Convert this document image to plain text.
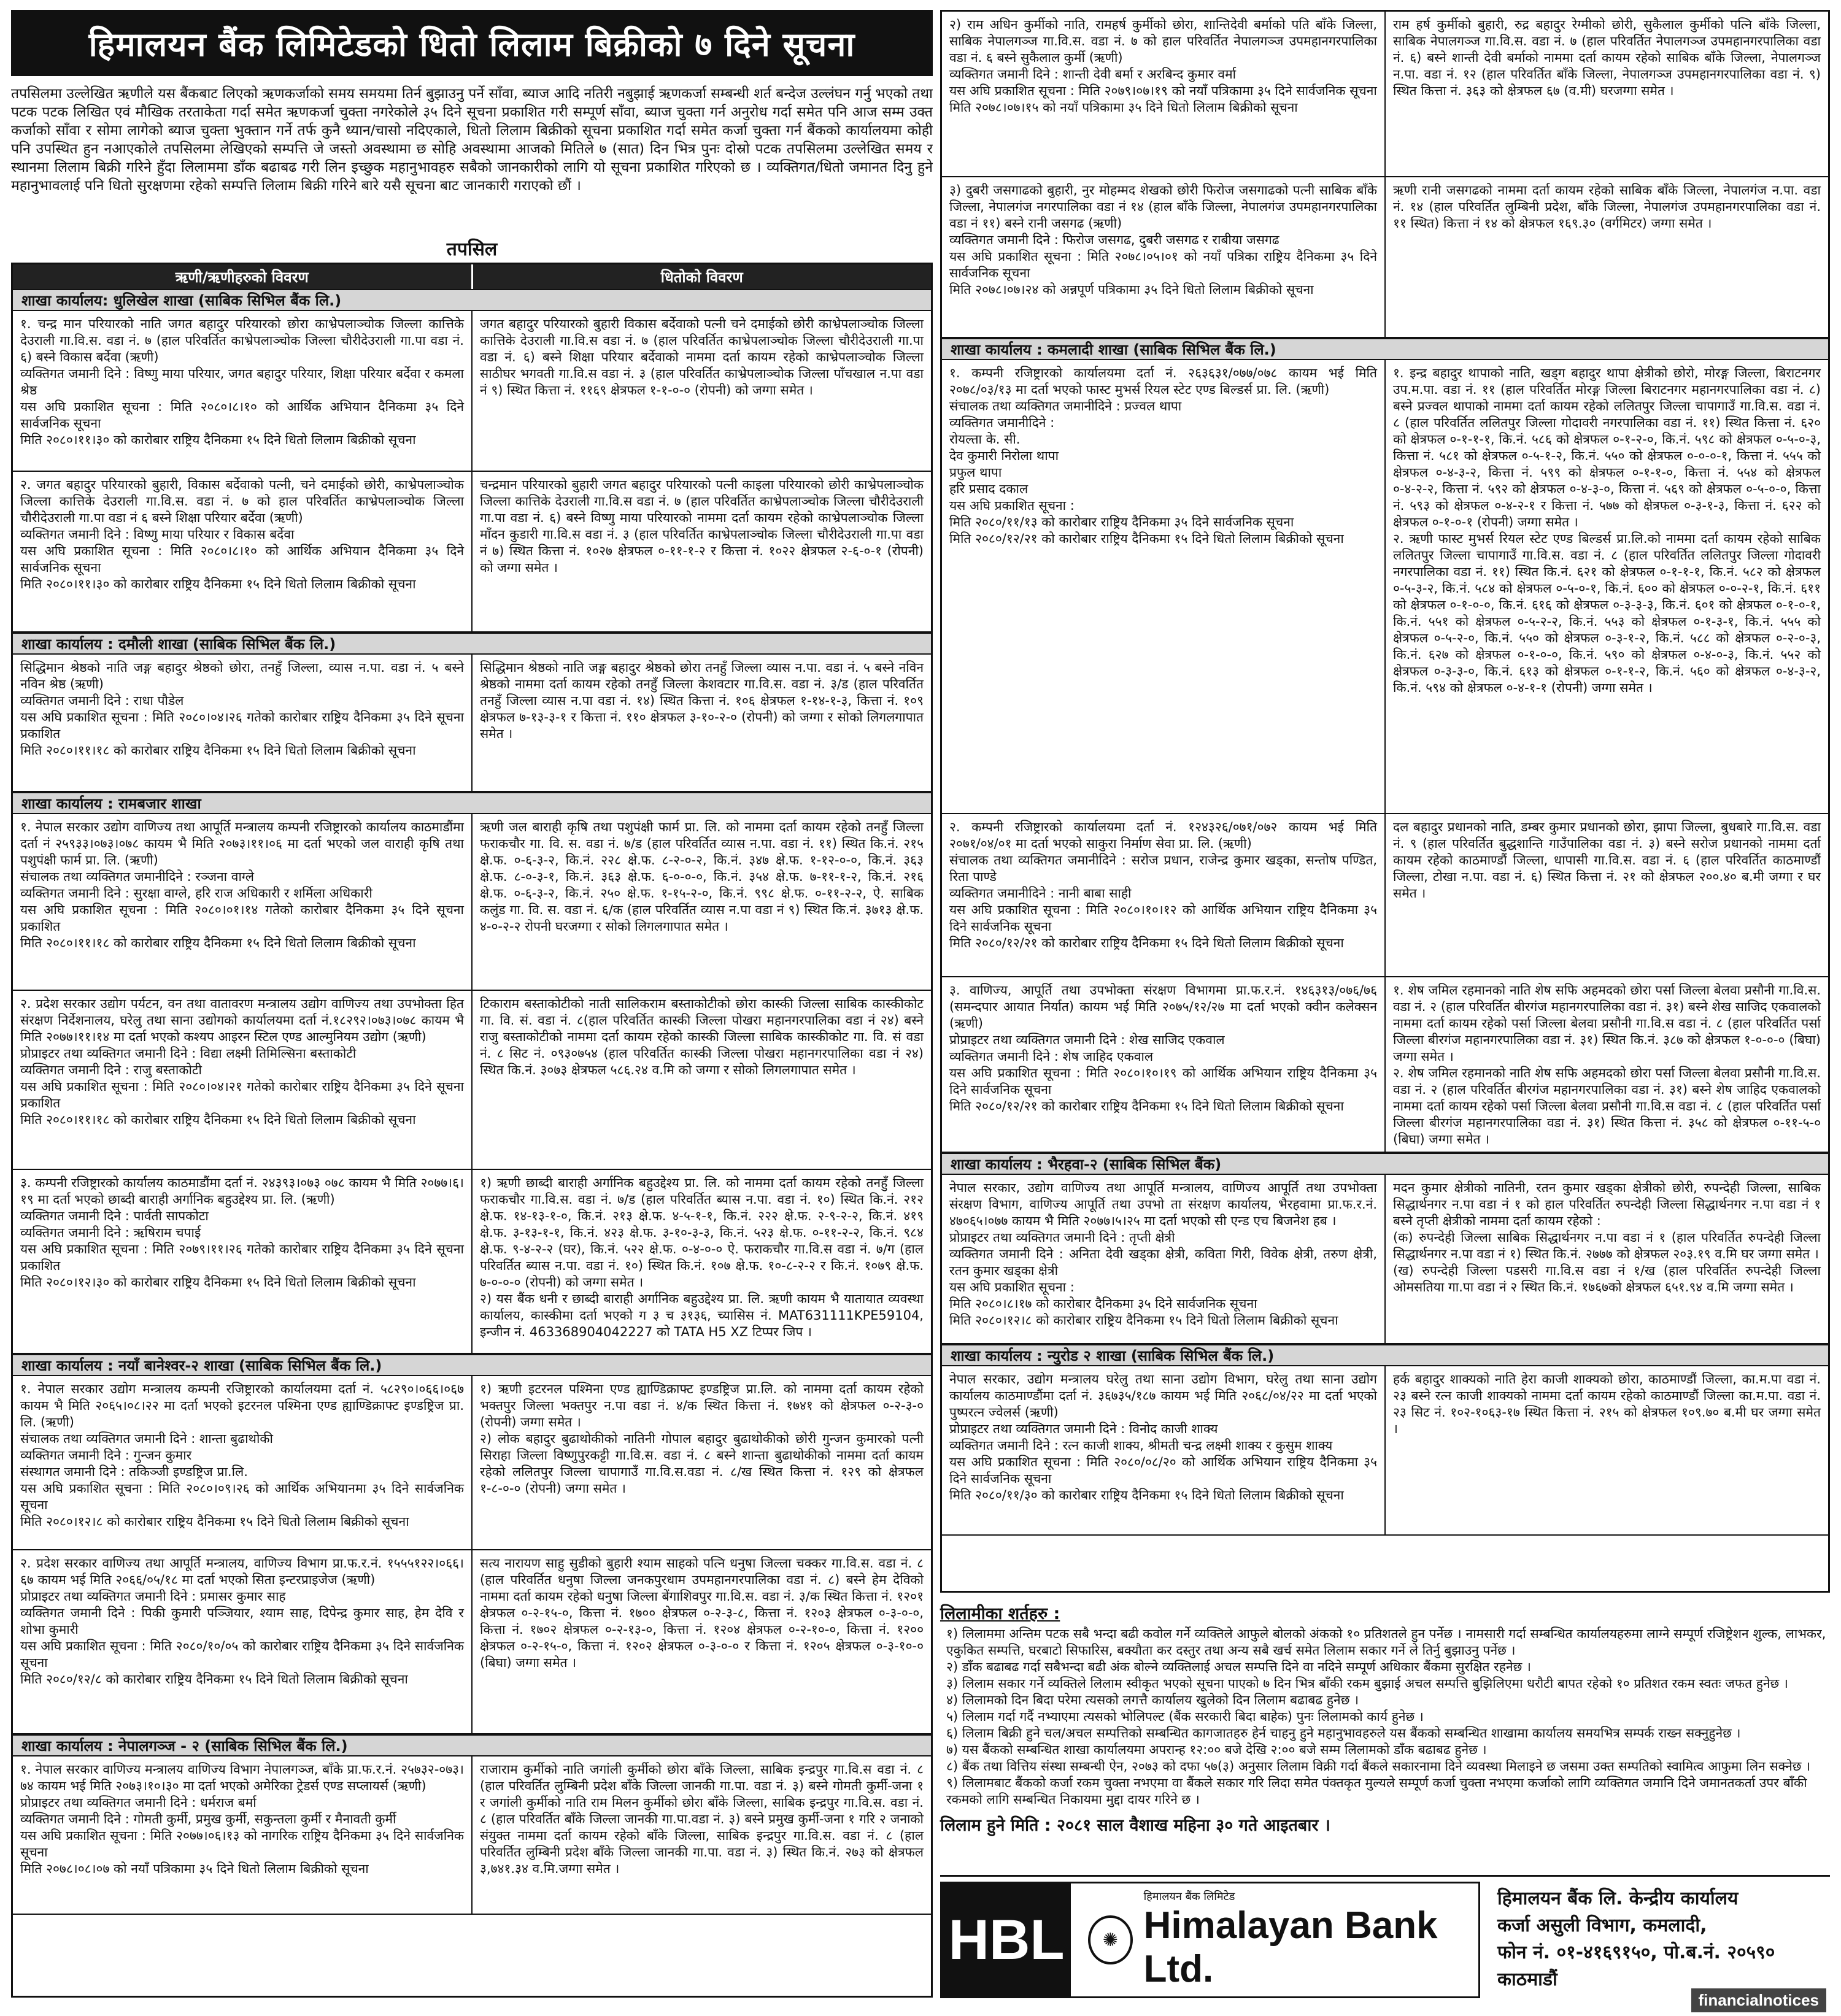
हिमालयन बैंक लिमिटेडको धितो लिलाम बिक्रीको ७ दिने सूचना
तपसिलमा उल्लेखित ऋणीले यस बैंकबाट लिएको ऋणकर्जाको समय समयमा तिर्न बुझाउनु पर्ने साँवा, ब्याज आदि नतिरी नबुझाई ऋणकर्जा सम्बन्धी शर्त बन्देज उल्लंघन गर्नु भएको तथा पटक पटक लिखित एवं मौखिक तरताकेता गर्दा समेत ऋणकर्जा चुक्ता नगरेकोले ३५ दिने सूचना प्रकाशित गरी सम्पूर्ण साँवा, ब्याज चुक्ता गर्न अनुरोध गर्दा समेत पनि आज सम्म उक्त कर्जाको साँवा र सोमा लागेको ब्याज चुक्ता भुक्तान गर्ने तर्फ कुनै ध्यान/चासो नदिएकाले, धितो लिलाम बिक्रीको सूचना प्रकाशित गर्दा समेत कर्जा चुक्ता गर्न बैंकको कार्यालयमा कोही पनि उपस्थित हुन नआएकोले तपसिलमा लेखिएको सम्पत्ति जे जस्तो अवस्थामा छ सोहि अवस्थामा आजको मितिले ७ (सात) दिन भित्र पुनः दोस्रो पटक तपसिलमा उल्लेखित समय र स्थानमा लिलाम बिक्री गरिने हुँदा लिलाममा डाँक बढाबढ गरी लिन इच्छुक महानुभावहरु सबैको जानकारीको लागि यो सूचना प्रकाशित गरिएको छ । व्यक्तिगत/धितो जमानत दिनु हुने महानुभावलाई पनि धितो सुरक्षणमा रहेको सम्पत्ति लिलाम बिक्री गरिने बारे यसै सूचना बाट जानकारी गराएको छौं ।
तपसिल
ऋणी/ऋणीहरुको विवरण	धितोको विवरण
शाखा कार्यालय: धुलिखेल शाखा (साबिक सिभिल बैंक लि.)
१. चन्द्र मान परियारको नाति जगत बहादुर परियारको छोरा काभ्रेपलाञ्चोक जिल्ला कात्तिके देउराली गा.वि.स. वडा नं. ७ (हाल परिवर्तित काभ्रेपलाञ्चोक जिल्ला चौरीदेउराली गा.पा वडा नं. ६) बस्ने विकास बर्देवा (ऋणी)
व्यक्तिगत जमानी दिने : विष्णु माया परियार, जगत बहादुर परियार, शिक्षा परियार बर्देवा र कमला श्रेष्ठ
यस अघि प्रकाशित सूचना : मिति २०८०।८।१० को आर्थिक अभियान दैनिकमा ३५ दिने सार्वजनिक सूचना
मिति २०८०।११।३० को कारोबार राष्ट्रिय दैनिकमा १५ दिने धितो लिलाम बिक्रीको सूचना
जगत बहादुर परियारको बुहारी विकास बर्देवाको पत्नी चने दमाईको छोरी काभ्रेपलाञ्चोक जिल्ला कात्तिके देउराली गा.वि.स वडा नं. ७ (हाल परिवर्तित काभ्रेपलाञ्चोक जिल्ला चौरीदेउराली गा.पा वडा नं. ६) बस्ने शिक्षा परियार बर्देवाको नाममा दर्ता कायम रहेको काभ्रेपलाञ्चोक जिल्ला साठीघर भगवती गा.वि.स वडा नं. ३ (हाल परिवर्तित काभ्रेपलाञ्चोक जिल्ला पाँचखाल न.पा वडा नं ९) स्थित कित्ता नं. ११६९ क्षेत्रफल १-१-०-० (रोपनी) को जग्गा समेत ।
२. जगत बहादुर परियारको बुहारी, विकास बर्देवाको पत्नी, चने दमाईको छोरी, काभ्रेपलाञ्चोक जिल्ला कात्तिके देउराली गा.वि.स. वडा नं. ७ को हाल परिवर्तित काभ्रेपलाञ्चोक जिल्ला चौरीदेउराली गा.पा वडा नं ६ बस्ने शिक्षा परियार बर्देवा (ऋणी)
व्यक्तिगत जमानी दिने : विष्णु माया परियार र विकास बर्देवा
यस अघि प्रकाशित सूचना : मिति २०८०।८।१० को आर्थिक अभियान दैनिकमा ३५ दिने सार्वजनिक सूचना
मिति २०८०।११।३० को कारोबार राष्ट्रिय दैनिकमा १५ दिने धितो लिलाम बिक्रीको सूचना
चन्द्रमान परियारको बुहारी जगत बहादुर परियारको पत्नी काइला परियारको छोरी काभ्रेपलाञ्चोक जिल्ला कात्तिके देउराली गा.वि.स वडा नं. ७ (हाल परिवर्तित काभ्रेपलाञ्चोक जिल्ला चौरीदेउराली गा.पा वडा नं. ६) बस्ने विष्णु माया परियारको नाममा दर्ता कायम रहेको काभ्रेपलाञ्चोक जिल्ला माँदन कुडारी गा.वि.स वडा नं. ३ (हाल परिवर्तित काभ्रेपलाञ्चोक जिल्ला चौरीदेउराली गा.पा वडा नं ७) स्थित कित्ता नं. १०२७ क्षेत्रफल ०-११-१-२ र कित्ता नं. १०२२ क्षेत्रफल २-६-०-१ (रोपनी) को जग्गा समेत ।
शाखा कार्यालय : दमौली शाखा (साबिक सिभिल बैंक लि.)
सिद्धिमान श्रेष्ठको नाति जङ्ग बहादुर श्रेष्ठको छोरा, तनहुँ जिल्ला, व्यास न.पा. वडा नं. ५ बस्ने नविन श्रेष्ठ (ऋणी)
व्यक्तिगत जमानी दिने : राधा पौडेल
यस अघि प्रकाशित सूचना : मिति २०८०।०४।२६ गतेको कारोबार राष्ट्रिय दैनिकमा ३५ दिने सूचना प्रकाशित
मिति २०८०।११।१८ को कारोबार राष्ट्रिय दैनिकमा १५ दिने धितो लिलाम बिक्रीको सूचना
सिद्धिमान श्रेष्ठको नाति जङ्ग बहादुर श्रेष्ठको छोरा तनहुँ जिल्ला व्यास न.पा. वडा नं. ५ बस्ने नविन श्रेष्ठको नाममा दर्ता कायम रहेको तनहुँ जिल्ला केशवटार गा.वि.स. वडा नं. ३/ड (हाल परिवर्तित तनहुँ जिल्ला व्यास न.पा वडा नं. १४) स्थित कित्ता नं. १०६ क्षेत्रफल १-१४-१-३, कित्ता नं. १०९ क्षेत्रफल ७-१३-३-१ र कित्ता नं. ११० क्षेत्रफल ३-१०-२-० (रोपनी) को जग्गा र सोको लिगलगापात समेत ।
शाखा कार्यालय : रामबजार शाखा
१. नेपाल सरकार उद्योग वाणिज्य तथा आपूर्ति मन्त्रालय कम्पनी रजिष्ट्रारको कार्यालय काठमाडौंमा दर्ता नं २५९३३।०७३।०७८ कायम भै मिति २०७३।११।०६ मा दर्ता भएको जल वाराही कृषि तथा पशुपंक्षी फार्म प्रा. लि. (ऋणी)
संचालक तथा व्यक्तिगत जमानीदिने : रञ्जना वाग्ले
व्यक्तिगत जमानी दिने : सुरक्षा वाग्ले, हरि राज अधिकारी र शर्मिला अधिकारी
यस अघि प्रकाशित सूचना : मिति २०८०।०१।१४ गतेको कारोबार दैनिकमा ३५ दिने सूचना प्रकाशित
मिति २०८०।११।१८ को कारोबार राष्ट्रिय दैनिकमा १५ दिने धितो लिलाम बिक्रीको सूचना
ऋणी जल बाराही कृषि तथा पशुपंक्षी फार्म प्रा. लि. को नाममा दर्ता कायम रहेको तनहुँ जिल्ला फराकचौर गा. वि. स. वडा नं. ७/ड (हाल परिवर्तित व्यास न.पा. वडा नं. ११) स्थित कि.नं. २१५ क्षे.फ. ०-६-३-२, कि.नं. २२८ क्षे.फ. ८-२-०-२, कि.नं. ३४७ क्षे.फ. १-१२-०-०, कि.नं. ३६३ क्षे.फ. ८-०-३-१, कि.नं. ३६३ क्षे.फ. ६-०-०-०, कि.नं. ३५४ क्षे.फ. ७-११-१-२, कि.नं. २१६ क्षे.फ. ०-६-३-२, कि.नं. २५० क्षे.फ. १-१५-२-०, कि.नं. ९९८ क्षे.फ. ०-११-२-२, ऐ. साबिक कलुंड गा. वि. स. वडा नं. ६/क (हाल परिवर्तित व्यास न.पा वडा नं ९) स्थित कि.नं. ३७१३ क्षे.फ. ४-०-२-२ रोपनी घरजग्गा र सोको लिगलगापात समेत ।
२. प्रदेश सरकार उद्योग पर्यटन, वन तथा वातावरण मन्त्रालय उद्योग वाणिज्य तथा उपभोक्ता हित संरक्षण निर्देशनालय, घरेलु तथा साना उद्योगको कार्यालयमा दर्ता नं.१८२९२।०७३।०७८ कायम भै मिति २०७७।११।१४ मा दर्ता भएको कश्यप आइरन स्टिल एण्ड आल्मुनियम उद्योग (ऋणी)
प्रोप्राइटर तथा व्यक्तिगत जमानी दिने : विद्या लक्ष्मी तिमिल्सिना बस्ताकोटी
व्यक्तिगत जमानी दिने : राजु बस्ताकोटी
यस अघि प्रकाशित सूचना : मिति २०८०।०४।२१ गतेको कारोबार राष्ट्रिय दैनिकमा ३५ दिने सूचना प्रकाशित
मिति २०८०।११।१८ को कारोबार राष्ट्रिय दैनिकमा १५ दिने धितो लिलाम बिक्रीको सूचना
टिकाराम बस्ताकोटीको नाती सालिकराम बस्ताकोटीको छोरा कास्की जिल्ला साबिक कास्कीकोट गा. वि. सं. वडा नं. ८(हाल परिवर्तित कास्की जिल्ला पोखरा महानगरपालिका वडा नं २४) बस्ने राजु बस्ताकोटीको नाममा दर्ता कायम रहेको कास्की जिल्ला साबिक कास्कीकोट गा. वि. सं वडा नं. ८ सिट नं. ०९३०७५४ (हाल परिवर्तित कास्की जिल्ला पोखरा महानगरपालिका वडा नं २४) स्थित कि.नं. ३०७३ क्षेत्रफल ५८६.२४ व.मि को जग्गा र सोको लिगलगापात समेत ।
३. कम्पनी रजिष्ट्रारको कार्यालय काठमाडौंमा दर्ता नं. २४३९३।०७३ ०७८ कायम भै मिति २०७७।६।१९ मा दर्ता भएको छाब्दी बाराही अर्गानिक बहुउद्देश्य प्रा. लि. (ऋणी)
व्यक्तिगत जमानी दिने : पार्वती सापकोटा
व्यक्तिगत जमानी दिने : ऋषिराम चपाई
यस अघि प्रकाशित सूचना : मिति २०७९।११।२६ गतेको कारोबार राष्ट्रिय दैनिकमा ३५ दिने सूचना प्रकाशित
मिति २०८०।१२।३० को कारोबार राष्ट्रिय दैनिकमा १५ दिने धितो लिलाम बिक्रीको सूचना
१) ऋणी छाब्दी बाराही अर्गानिक बहुउद्देश्य प्रा. लि. को नाममा दर्ता कायम रहेको तनहुँ जिल्ला फराकचौर गा.वि.स. वडा नं. ७/ड (हाल परिवर्तित ब्यास न.पा. वडा नं. १०) स्थित कि.नं. २१२ क्षे.फ. १४-१३-१-०, कि.नं. २१३ क्षे.फ. ४-५-१-१, कि.नं. २२२ क्षे.फ. २-९-२-२, कि.नं. ४१९ क्षे.फ. ३-१३-१-१, कि.नं. ४२३ क्षे.फ. ३-१०-३-३, कि.नं. ५२३ क्षे.फ. ०-११-२-२, कि.नं. ९८४ क्षे.फ. ९-४-२-२ (घर), कि.नं. ५२२ क्षे.फ. ०-४-०-० ऐ. फराकचौर गा.वि.स वडा नं. ७/ग (हाल परिवर्तित ब्यास न.पा. वडा नं. १०) स्थित कि.नं. १०७ क्षे.फ. १०-८-२-२ र कि.नं. १०७९ क्षे.फ. ७-०-०-० (रोपनी) को जग्गा समेत ।
२) यस बैंक धनी र छाब्दी बाराही अर्गानिक बहुउद्देश्य प्रा. लि. ऋणी कायम भै यातायात व्यवस्था कार्यालय, कास्कीमा दर्ता भएको ग ३ च ३१३६, च्यासिस नं. MAT631111KPE59104, इन्जीन नं. 463368904042227 को TATA H5 XZ टिप्पर जिप ।
शाखा कार्यालय : नयाँ बानेश्वर-२ शाखा (साबिक सिभिल बैंक लि.)
१. नेपाल सरकार उद्योग मन्त्रालय कम्पनी रजिष्ट्रारको कार्यालयमा दर्ता नं. ५८२९०।०६६।०६७ कायम भै मिति २०६५।०८।२२ मा दर्ता भएको इटरनल पश्मिना एण्ड ह्याण्डिक्राफ्ट इण्डष्ट्रिज प्रा. लि. (ऋणी)
संचालक तथा व्यक्तिगत जमानी दिने : शान्ता बुढाथोकी
व्यक्तिगत जमानी दिने : गुन्जन कुमार
संस्थागत जमानी दिने : तकिञ्जी इण्डष्ट्रिज प्रा.लि.
यस अघि प्रकाशित सूचना : मिति २०८०।०९।२६ को आर्थिक अभियानमा ३५ दिने सार्वजनिक सूचना
मिति २०८०।१२।८ को कारोबार राष्ट्रिय दैनिकमा १५ दिने धितो लिलाम बिक्रीको सूचना
१) ऋणी इटरनल पश्मिना एण्ड ह्याण्डिक्राफ्ट इण्डष्ट्रिज प्रा.लि. को नाममा दर्ता कायम रहेको भक्तपुर जिल्ला भक्तपुर न.पा वडा नं. ४/क स्थित कित्ता नं. १७४१ को क्षेत्रफल ०-२-३-० (रोपनी) जग्गा समेत ।
२) लोक बहादुर बुढाथोकीको नातिनी गोपाल बहादुर बुढाथोकीको छोरी गुन्जन कुमारको पत्नी सिराहा जिल्ला विष्णुपुरकट्टी गा.वि.स. वडा नं. ८ बस्ने शान्ता बुढाथोकीको नाममा दर्ता कायम रहेको ललितपुर जिल्ला चापागाउँ गा.वि.स.वडा नं. ८/ख स्थित कित्ता नं. १२९ को क्षेत्रफल १-८-०-० (रोपनी) जग्गा समेत ।
२. प्रदेश सरकार वाणिज्य तथा आपूर्ति मन्त्रालय, वाणिज्य विभाग प्रा.फ.र.नं. १५५५१२२।०६६।६७ कायम भई मिति २०६६/०५/१८ मा दर्ता भएको सिता इन्टरप्राइजेज (ऋणी)
प्रोप्राइटर तथा व्यक्तिगत जमानी दिने : प्रमासर कुमार साह
व्यक्तिगत जमानी दिने : पिकी कुमारी पञ्जियार, श्याम साह, दिपेन्द्र कुमार साह, हेम देवि र शोभा कुमारी
यस अघि प्रकाशित सूचना : मिति २०८०/१०/०५ को कारोबार राष्ट्रिय दैनिकमा ३५ दिने सार्वजनिक सूचना
मिति २०८०/१२/८ को कारोबार राष्ट्रिय दैनिकमा १५ दिने धितो लिलाम बिक्रीको सूचना
सत्य नारायण साहु सुडीको बुहारी श्याम साहको पत्नि धनुषा जिल्ला चक्कर गा.वि.स. वडा नं. ८ (हाल परिवर्तित धनुषा जिल्ला जनकपुरधाम उपमहानगरपालिका वडा नं. ८) बस्ने हेम देविको नाममा दर्ता कायम रहेको धनुषा जिल्ला बेंगाशिवपुर गा.वि.स. वडा नं. ३/क स्थित कित्ता नं. १२०१ क्षेत्रफल ०-२-१५-०, कित्ता नं. १७०० क्षेत्रफल ०-२-३-८, कित्ता नं. १२०३ क्षेत्रफल ०-३-०-०, कित्ता नं. १७०२ क्षेत्रफल ०-२-१३-०, कित्ता नं. १२०४ क्षेत्रफल ०-२-१०-०, कित्ता नं. १२०० क्षेत्रफल ०-२-१५-०, कित्ता नं. १२०२ क्षेत्रफल ०-३-०-० र कित्ता नं. १२०५ क्षेत्रफल ०-३-१०-० (बिघा) जग्गा समेत ।
शाखा कार्यालय : नेपालगञ्ज - २ (साबिक सिभिल बैंक लि.)
१. नेपाल सरकार वाणिज्य मन्त्रालय वाणिज्य विभाग नेपालगञ्ज, बाँके प्रा.फ.र.नं. २५७३२-०७३।७४ कायम भई मिति २०७३।१०।३० मा दर्ता भएको अमेरिका ट्रेडर्स एण्ड सप्लायर्स (ऋणी)
प्रोप्राइटर तथा व्यक्तिगत जमानी दिने : धर्मराज बर्मा
व्यक्तिगत जमानी दिने : गोमती कुर्मी, प्रमुख कुर्मी, सकुन्तला कुर्मी र मैनावती कुर्मी
यस अघि प्रकाशित सूचना : मिति २०७७।०६।१३ को नागरिक राष्ट्रिय दैनिकमा ३५ दिने सार्वजनिक सूचना
मिति २०७८।०८।०७ को नयाँ पत्रिकामा ३५ दिने धितो लिलाम बिक्रीको सूचना
राजाराम कुर्मीको नाति जगांली कुर्मीको छोरा बाँके जिल्ला, साबिक इन्द्रपुर गा.वि.स वडा नं. ८ (हाल परिवर्तित लुम्बिनी प्रदेश बाँके जिल्ला जानकी गा.पा. वडा नं. ३) बस्ने गोमती कुर्मी-जना १ र जगांली कुर्मीको नाति राम मिलन कुर्मीको छोरा बाँके जिल्ला, साबिक इन्द्रपुर गा.वि.स. वडा नं. ८ (हाल परिवर्तित बाँके जिल्ला जानकी गा.पा.वडा नं. ३) बस्ने प्रमुख कुर्मी-जना १ गरि २ जनाको संयुक्त नाममा दर्ता कायम रहेको बाँके जिल्ला, साबिक इन्द्रपुर गा.वि.स. वडा नं. ८ (हाल परिवर्तित लुम्बिनी प्रदेश बाँके जिल्ला जानकी गा.पा. वडा नं. ३) स्थित कि.नं. २७३ को क्षेत्रफल ३,७४१.३४ व.मि.जग्गा समेत ।
२) राम अधिन कुर्मीको नाति, रामहर्ष कुर्मीको छोरा, शान्तिदेवी बर्माको पति बाँके जिल्ला, साबिक नेपालगञ्ज गा.वि.स. वडा नं. ७ को हाल परिवर्तित नेपालगञ्ज उपमहानगरपालिका वडा नं. ६ बस्ने सुकैलाल कुर्मी (ऋणी)
व्यक्तिगत जमानी दिने : शान्ती देवी बर्मा र अरबिन्द कुमार वर्मा
यस अघि प्रकाशित सूचना : मिति २०७९।०७।१९ को नयाँ पत्रिकामा ३५ दिने सार्वजनिक सूचना
मिति २०७८।०७।१५ को नयाँ पत्रिकामा ३५ दिने धितो लिलाम बिक्रीको सूचना
राम हर्ष कुर्मीको बुहारी, रुद्र बहादुर रेग्मीको छोरी, सुकैलाल कुर्मीको पत्नि बाँके जिल्ला, साबिक नेपालगञ्ज गा.वि.स. वडा नं. ७ (हाल परिवर्तित नेपालगञ्ज उपमहानगरपालिका वडा नं. ६) बस्ने शान्ती देवी बर्माको नाममा दर्ता कायम रहेको साबिक बाँके जिल्ला, नेपालगञ्ज न.पा. वडा नं. १२ (हाल परिवर्तित बाँके जिल्ला, नेपालगञ्ज उपमहानगरपालिका वडा नं. ९) स्थित कित्ता नं. ३६३ को क्षेत्रफल ६७ (व.मी) घरजग्गा समेत ।
३) दुबरी जसगाढको बुहारी, नुर मोहम्मद शेखको छोरी फिरोज जसगाढको पत्नी साबिक बाँके जिल्ला, नेपालगंज नगरपालिका वडा नं १४ (हाल बाँके जिल्ला, नेपालगंज उपमहानगरपालिका वडा नं ११) बस्ने रानी जसगढ (ऋणी)
व्यक्तिगत जमानी दिने : फिरोज जसगढ, दुबरी जसगढ र राबीया जसगढ
यस अघि प्रकाशित सूचना : मिति २०७८।०५।०१ को नयाँ पत्रिका राष्ट्रिय दैनिकमा ३५ दिने सार्वजनिक सूचना
मिति २०७८।०७।२४ को अन्नपूर्ण पत्रिकामा ३५ दिने धितो लिलाम बिक्रीको सूचना
ऋणी रानी जसगढको नाममा दर्ता कायम रहेको साबिक बाँके जिल्ला, नेपालगंज न.पा. वडा नं. १४ (हाल परिवर्तित लुम्बिनी प्रदेश, बाँके जिल्ला, नेपालगंज उपमहानगरपालिका वडा नं. ११ स्थित) कित्ता नं १४ को क्षेत्रफल १६९.३० (वर्गमिटर) जग्गा समेत ।
शाखा कार्यालय : कमलादी शाखा (साबिक सिभिल बैंक लि.)
१. कम्पनी रजिष्ट्रारको कार्यालयमा दर्ता नं. २६३६३१/०७७/०७८ कायम भई मिति २०७८/०३/१३ मा दर्ता भएको फास्ट मुभर्स रियल स्टेट एण्ड बिल्डर्स प्रा. लि. (ऋणी)
संचालक तथा व्यक्तिगत जमानीदिने : प्रज्वल थापा
व्यक्तिगत जमानीदिने :
रोयल्ता के. सी.
देव कुमारी निरोला थापा
प्रफुल थापा
हरि प्रसाद दकाल
यस अघि प्रकाशित सूचना :
मिति २०८०/११/१३ को कारोबार राष्ट्रिय दैनिकमा ३५ दिने सार्वजनिक सूचना
मिति २०८०/१२/२१ को कारोबार राष्ट्रिय दैनिकमा १५ दिने धितो लिलाम बिक्रीको सूचना
१. इन्द्र बहादुर थापाको नाति, खड्ग बहादुर थापा क्षेत्रीको छोरो, मोरङ्ग जिल्ला, बिराटनगर उप.म.पा. वडा नं. ११ (हाल परिवर्तित मोरङ्ग जिल्ला बिराटनगर महानगरपालिका वडा नं. ८) बस्ने प्रज्वल थापाको नाममा दर्ता कायम रहेको ललितपुर जिल्ला चापागाउँ गा.वि.स. वडा नं. ८ (हाल परिवर्तित ललितपुर जिल्ला गोदावरी नगरपालिका वडा नं. ११) स्थित कित्ता नं. ६२० को क्षेत्रफल ०-१-१-१, कि.नं. ५८६ को क्षेत्रफल ०-१-२-०, कि.नं. ५९८ को क्षेत्रफल ०-५-०-३, कित्ता नं. ५८१ को क्षेत्रफल ०-५-१-२, कि.नं. ५५० को क्षेत्रफल ०-०-०-१, कित्ता नं. ५५५ को क्षेत्रफल ०-४-३-२, कित्ता नं. ५९९ को क्षेत्रफल ०-१-१-०, कित्ता नं. ५५४ को क्षेत्रफल ०-४-२-२, कित्ता नं. ५९२ को क्षेत्रफल ०-४-३-०, कित्ता नं. ५६९ को क्षेत्रफल ०-५-०-०, कित्ता नं. ५९३ को क्षेत्रफल ०-४-२-१ र कित्ता नं. ५७७ को क्षेत्रफल ०-३-१-३, कित्ता नं. ६२२ को क्षेत्रफल ०-१-०-१ (रोपनी) जग्गा समेत ।
२. ऋणी फास्ट मुभर्स रियल स्टेट एण्ड बिल्डर्स प्रा.लि.को नाममा दर्ता कायम रहेको साबिक ललितपुर जिल्ला चापागाउँ गा.वि.स. वडा नं. ८ (हाल परिवर्तित ललितपुर जिल्ला गोदावरी नगरपालिका वडा नं. ११) स्थित कि.नं. ६२१ को क्षेत्रफल ०-१-१-१, कि.नं. ५८२ को क्षेत्रफल ०-५-३-२, कि.नं. ५८४ को क्षेत्रफल ०-५-०-१, कि.नं. ६०० को क्षेत्रफल ०-०-२-१, कि.नं. ६११ को क्षेत्रफल ०-१-०-०, कि.नं. ६१६ को क्षेत्रफल ०-३-३-३, कि.नं. ६०१ को क्षेत्रफल ०-१-०-१, कि.नं. ५५१ को क्षेत्रफल ०-५-२-२, कि.नं. ५५३ को क्षेत्रफल ०-१-३-१, कि.नं. ५५५ को क्षेत्रफल ०-५-२-०, कि.नं. ५५० को क्षेत्रफल ०-३-१-२, कि.नं. ५८८ को क्षेत्रफल ०-२-०-३, कि.नं. ६२७ को क्षेत्रफल ०-१-०-०, कि.नं. ५९० को क्षेत्रफल ०-४-०-३, कि.नं. ५५२ को क्षेत्रफल ०-३-३-०, कि.नं. ६१३ को क्षेत्रफल ०-१-१-२, कि.नं. ५६० को क्षेत्रफल ०-४-३-२, कि.नं. ५९४ को क्षेत्रफल ०-४-१-१ (रोपनी) जग्गा समेत ।
२. कम्पनी रजिष्ट्रारको कार्यालयमा दर्ता नं. १२४३२६/०७१/०७२ कायम भई मिति २०७१/०४/०१ मा दर्ता भएको साकुरा निर्माण सेवा प्रा. लि. (ऋणी)
संचालक तथा व्यक्तिगत जमानीदिने : सरोज प्रधान, राजेन्द्र कुमार खड्का, सन्तोष पण्डित, रिता पाण्डे
व्यक्तिगत जमानीदिने : नानी बाबा साही
यस अघि प्रकाशित सूचना : मिति २०८०।१०।१२ को आर्थिक अभियान राष्ट्रिय दैनिकमा ३५ दिने सार्वजनिक सूचना
मिति २०८०/१२/२१ को कारोबार राष्ट्रिय दैनिकमा १५ दिने धितो लिलाम बिक्रीको सूचना
दल बहादुर प्रधानको नाति, डम्बर कुमार प्रधानको छोरा, झापा जिल्ला, बुधबारे गा.वि.स. वडा नं. ९ (हाल परिवर्तित बुद्धशान्ति गाउँपालिका वडा नं. ३) बस्ने सरोज प्रधानको नाममा दर्ता कायम रहेको काठमाण्डौं जिल्ला, धापासी गा.वि.स. वडा नं. ६ (हाल परिवर्तित काठमाण्डौं जिल्ला, टोखा न.पा. वडा नं. ६) स्थित कित्ता नं. २१ को क्षेत्रफल २००.४० ब.मी जग्गा र घर समेत ।
३. वाणिज्य, आपूर्ति तथा उपभोक्ता संरक्षण विभागमा प्रा.फ.र.नं. १४६३१३/०७६/७६ (समन्दपार आयात निर्यात) कायम भई मिति २०७५/१२/२७ मा दर्ता भएको क्वीन कलेक्सन (ऋणी)
प्रोप्राइटर तथा व्यक्तिगत जमानी दिने : शेख साजिद एकवाल
व्यक्तिगत जमानी दिने : शेष जाहिद एकवाल
यस अघि प्रकाशित सूचना : मिति २०८०।१०।१९ को आर्थिक अभियान राष्ट्रिय दैनिकमा ३५ दिने सार्वजनिक सूचना
मिति २०८०/१२/२१ को कारोबार राष्ट्रिय दैनिकमा १५ दिने धितो लिलाम बिक्रीको सूचना
१. शेष जमिल रहमानको नाति शेष सफि अहमदको छोरा पर्सा जिल्ला बेलवा प्रसौनी गा.वि.स. वडा नं. २ (हाल परिवर्तित बीरगंज महानगरपालिका वडा नं. ३१) बस्ने शेख साजिद एकवालको नाममा दर्ता कायम रहेको पर्सा जिल्ला बेलवा प्रसौनी गा.वि.स वडा नं. ८ (हाल परिवर्तित पर्सा जिल्ला बीरगंज महानगरपालिका वडा नं. ३१) स्थित कि.नं. ३८७ को क्षेत्रफल १-०-०-० (बिघा) जग्गा समेत ।
२. शेष जमिल रहमानको नाति शेष सफि अहमदको छोरा पर्सा जिल्ला बेलवा प्रसौनी गा.वि.स. वडा नं. २ (हाल परिवर्तित बीरगंज महानगरपालिका वडा नं. ३१) बस्ने शेष जाहिद एकवालको नाममा दर्ता कायम रहेको पर्सा जिल्ला बेलवा प्रसौनी गा.वि.स वडा नं. ८ (हाल परिवर्तित पर्सा जिल्ला बीरगंज महानगरपालिका वडा नं. ३१) स्थित कित्ता नं. ३५८ को क्षेत्रफल ०-११-५-० (बिघा) जग्गा समेत ।
शाखा कार्यालय : भैरहवा-२ (साबिक सिभिल बैंक)
नेपाल सरकार, उद्योग वाणिज्य तथा आपूर्ति मन्त्रालय, वाणिज्य आपूर्ति तथा उपभोक्ता संरक्षण विभाग, वाणिज्य आपूर्ति तथा उपभो ता संरक्षण कार्यालय, भैरहवामा प्रा.फ.र.नं. ४७०६५।०७७ कायम भै मिति २०७७।५।२५ मा दर्ता भएको सी एन्ड एच बिजनेश हब ।
प्रोप्राइटर तथा व्यक्तिगत जमानी दिने : तृप्ती क्षेत्री
व्यक्तिगत जमानी दिने : अनिता देवी खड्का क्षेत्री, कविता गिरी, विवेक क्षेत्री, तरुण क्षेत्री, रतन कुमार खड्का क्षेत्री
यस अघि प्रकाशित सूचना :
मिति २०८०।८।१७ को कारोबार दैनिकमा ३५ दिने सार्वजनिक सूचना
मिति २०८०।१२।८ को कारोबार राष्ट्रिय दैनिकमा १५ दिने धितो लिलाम बिक्रीको सूचना
मदन कुमार क्षेत्रीको नातिनी, रतन कुमार खड्का क्षेत्रीको छोरी, रुपन्देही जिल्ला, साबिक सिद्धार्थनगर न.पा वडा नं १ को हाल परिवर्तित रुपन्देही जिल्ला सिद्धार्थनगर न.पा वडा नं १ बस्ने तृप्ती क्षेत्रीको नाममा दर्ता कायम रहेको :
(क) रुपन्देही जिल्ला साबिक सिद्धार्थनगर न.पा वडा नं १ (हाल परिवर्तित रुपन्देही जिल्ला सिद्धार्थनगर न.पा वडा नं १) स्थित कि.नं. २७७७ को क्षेत्रफल २०३.१९ व.मि घर जग्गा समेत ।
(ख) रुपन्देही जिल्ला पडसरी गा.वि.स वडा नं १/ख (हाल परिवर्तित रुपन्देही जिल्ला ओमसतिया गा.पा वडा नं २ स्थित कि.नं. १७६७को क्षेत्रफल ६५१.९४ व.मि जग्गा समेत ।
शाखा कार्यालय : न्युरोड २ शाखा (साबिक सिभिल बैंक लि.)
नेपाल सरकार, उद्योग मन्त्रालय घरेलु तथा साना उद्योग विभाग, घरेलु तथा साना उद्योग कार्यालय काठमाण्डौंमा दर्ता नं. ३६७३५/१८७ कायम भई मिति २०६८/०४/२२ मा दर्ता भएको पुष्परत्न ज्वेलर्स (ऋणी)
प्रोप्राइटर तथा व्यक्तिगत जमानी दिने : विनोद काजी शाक्य
व्यक्तिगत जमानी दिने : रत्न काजी शाक्य, श्रीमती चन्द्र लक्ष्मी शाक्य र कुसुम शाक्य
यस अघि प्रकाशित सूचना : मिति २०८०/०८/२० को आर्थिक अभियान राष्ट्रिय दैनिकमा ३५ दिने सार्वजनिक सूचना
मिति २०८०/११/३० को कारोबार राष्ट्रिय दैनिकमा १५ दिने धितो लिलाम बिक्रीको सूचना
हर्क बहादुर शाक्यको नाति हेरा काजी शाक्यको छोरा, काठमाण्डौं जिल्ला, का.म.पा वडा नं. २३ बस्ने रत्न काजी शाक्यको नाममा दर्ता कायम रहेको काठमाण्डौं जिल्ला का.म.पा. वडा नं. २३ सिट नं. १०२-१०६३-१७ स्थित कित्ता नं. २१५ को क्षेत्रफल १०९.७० ब.मी घर जग्गा समेत ।
लिलामीका शर्तहरु :
१) लिलाममा अन्तिम पटक सबै भन्दा बढी कवोल गर्ने व्यक्तिले आफुले बोलको अंकको १० प्रतिशतले हुन पर्नेछ । नामसारी गर्दा सम्बन्धित कार्यालयहरुमा लाग्ने सम्पूर्ण रजिष्ट्रेशन शुल्क, लाभकर, एकुकित सम्पत्ति, घरबाटो सिफारिस, बक्यौता कर दस्तुर तथा अन्य सबै खर्च समेत लिलाम सकार गर्ने ले तिर्नु बुझाउनु पर्नेछ ।
२) डाँक बढाबढ गर्दा सबैभन्दा बढी अंक बोल्ने व्यक्तिलाई अचल सम्पत्ति दिने वा नदिने सम्पूर्ण अधिकार बैंकमा सुरक्षित रहनेछ ।
३) लिलाम सकार गर्ने व्यक्तिले लिलाम स्वीकृत भएको सूचना पाएको ७ दिन भित्र बाँकी रकम बुझाई अचल सम्पत्ति बुझिलिएमा धरौटी बापत रहेको १० प्रतिशत रकम स्वतः जफत हुनेछ ।
४) लिलामको दिन बिदा परेमा त्यसको लगत्तै कार्यालय खुलेको दिन लिलाम बढाबढ हुनेछ ।
५) लिलाम गर्दा गर्दै नभ्याएमा त्यसको भोलिपल्ट (बैंक सरकारी बिदा बाहेक) पुनः लिलामको कार्य हुनेछ ।
६) लिलाम बिक्री हुने चल/अचल सम्पत्तिको सम्बन्धित कागजातहरु हेर्न चाहनु हुने महानुभावहरुले यस बैंकको सम्बन्धित शाखामा कार्यालय समयभित्र सम्पर्क राख्न सक्नुहुनेछ ।
७) यस बैंकको सम्बन्धित शाखा कार्यालयमा अपरान्ह १२:०० बजे देखि २:०० बजे सम्म लिलामको डाँक बढाबढ हुनेछ ।
८) बैंक तथा वित्तिय संस्था सम्बन्धी ऐन, २०७३ को दफा ५७(३) अनुसार लिलाम विक्री गर्दा बैंकले सकारनामा दिने व्यवस्था मिलाइने छ जसमा उक्त सम्पतिको स्वामित्व आफुमा लिन सक्नेछ ।
९) लिलामबाट बैंकको कर्जा रकम चुक्ता नभएमा वा बैंकले सकार गरि लिदा समेत पंक्तकृत मुल्यले सम्पूर्ण कर्जा चुक्ता नभएमा कर्जाको लागि व्यक्तिगत जमानि दिने जमानतकर्ता उपर बाँकी रकमको लागि सम्बन्धित निकायमा मुद्दा दायर गरिने छ ।
लिलाम हुने मिति : २०८१ साल वैशाख महिना ३० गते आइतबार ।
HBL	✺
हिमालयन बैंक लिमिटेड
Himalayan Bank Ltd.
हिमालयन बैंक लि. केन्द्रीय कार्यालय
कर्जा असुली विभाग, कमलादी,
फोन नं. ०१-४१६९१५०, पो.ब.नं. २०५९० काठमाडौं
financialnotices
